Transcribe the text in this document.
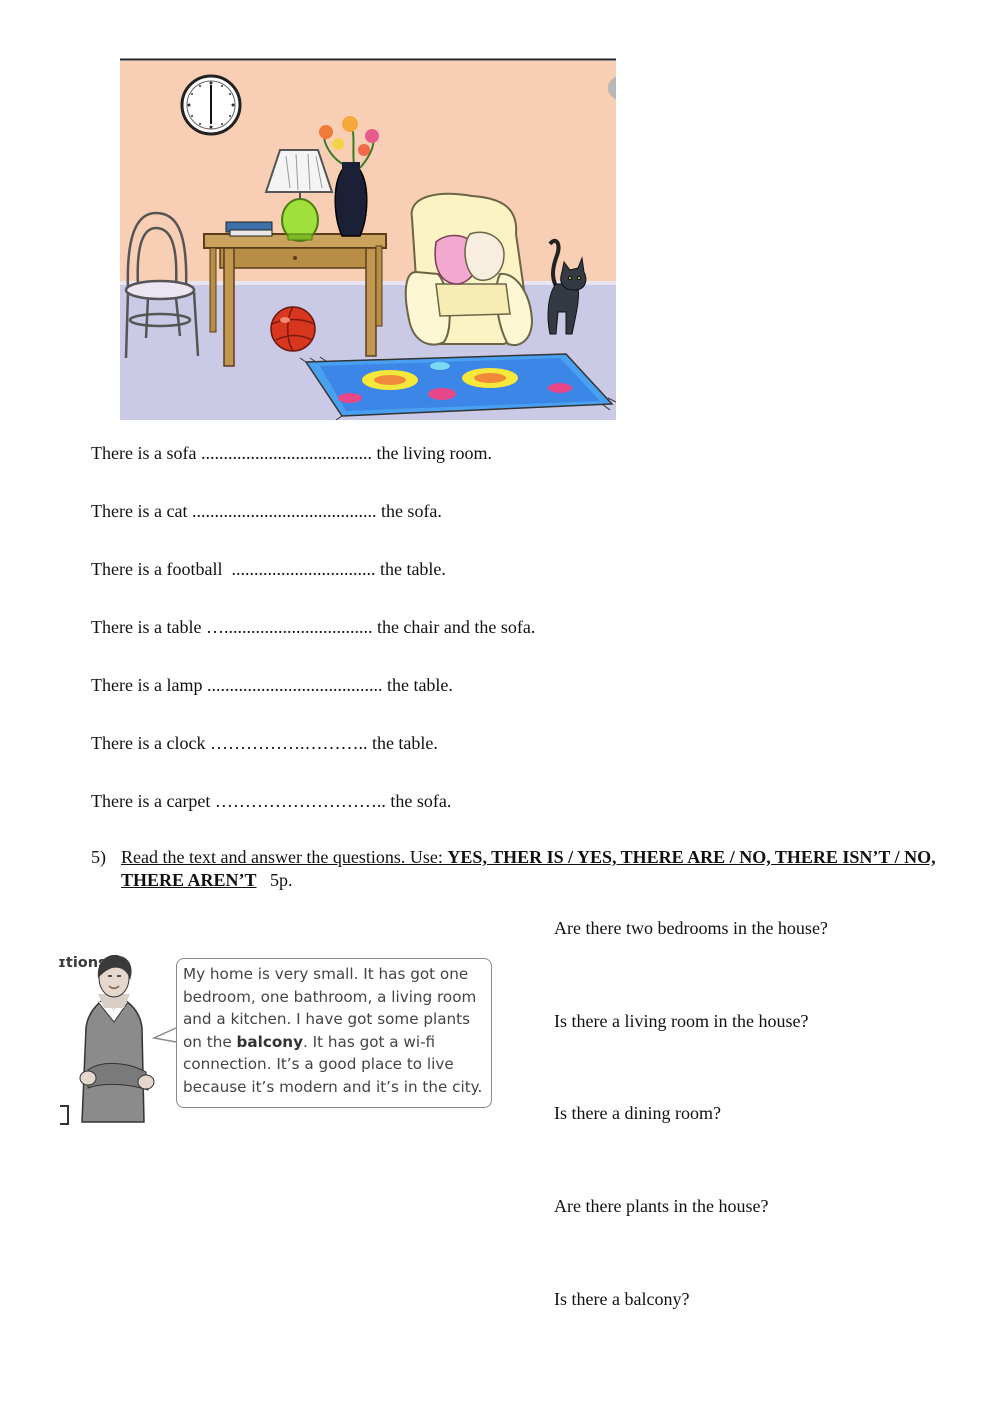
There is a sofa ...................................... the living room.

There is a cat ......................................... the sofa.

There is a football  ................................ the table.

There is a table …................................. the chair and the sofa.

There is a lamp ....................................... the table.

There is a clock …………….……….. the table.

There is a carpet ……………………….. the sofa.

5) Read the text and answer the questions. Use: YES, THER IS / YES, THERE ARE / NO, THERE ISN’T / NO, THERE AREN’T 5p.
ɪtions.
My home is very small. It has got one bedroom, one bathroom, a living room and a kitchen. I have got some plants on the balcony. It has got a wi-fi connection. It’s a good place to live because it’s modern and it’s in the city.

Are there two bedrooms in the house?

Is there a living room in the house?

Is there a dining room?

Are there plants in the house?

Is there a balcony?
